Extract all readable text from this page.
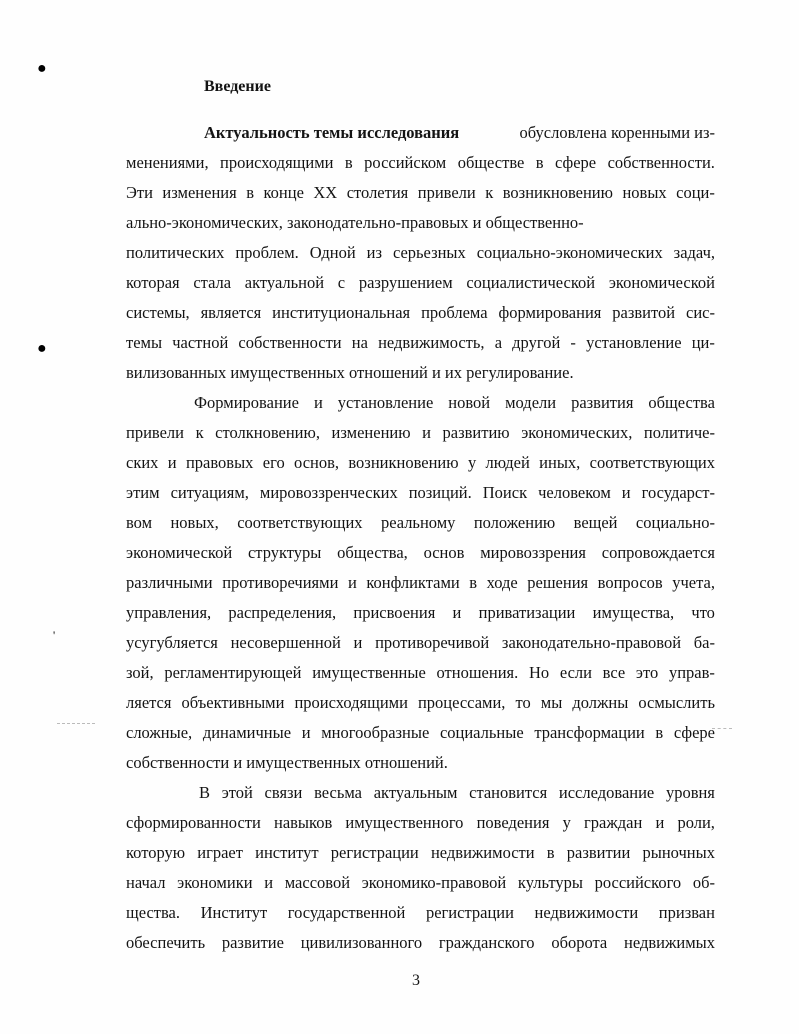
●
●
'
Введение
Актуальность темы исследования	обусловлена коренными из-
менениями, происходящими в российском обществе в сфере собственности.
Эти изменения в конце XX столетия привели к возникновению новых соци-
ально-экономических, законодательно-правовых и общественно-
политических проблем. Одной из серьезных социально-экономических задач,
которая стала актуальной с разрушением социалистической экономической
системы, является институциональная проблема формирования развитой сис-
темы частной собственности на недвижимость, а другой - установление ци-
вилизованных имущественных отношений и их регулирование.
Формирование и установление новой модели развития общества
привели к столкновению, изменению и развитию экономических, политиче-
ских и правовых его основ, возникновению у людей иных, соответствующих
этим ситуациям, мировоззренческих позиций. Поиск человеком и государст-
вом новых, соответствующих реальному положению вещей социально-
экономической структуры общества, основ мировоззрения сопровождается
различными противоречиями и конфликтами в ходе решения вопросов учета,
управления, распределения, присвоения и приватизации имущества, что
усугубляется несовершенной и противоречивой законодательно-правовой ба-
зой, регламентирующей имущественные отношения. Но если все это управ-
ляется объективными происходящими процессами, то мы должны осмыслить
сложные, динамичные и многообразные социальные трансформации в сфере
собственности и имущественных отношений.
В этой связи весьма актуальным становится исследование уровня
сформированности навыков имущественного поведения у граждан и роли,
которую играет институт регистрации недвижимости в развитии рыночных
начал экономики и массовой экономико-правовой культуры российского об-
щества. Институт государственной регистрации недвижимости призван
обеспечить развитие цивилизованного гражданского оборота недвижимых
3
